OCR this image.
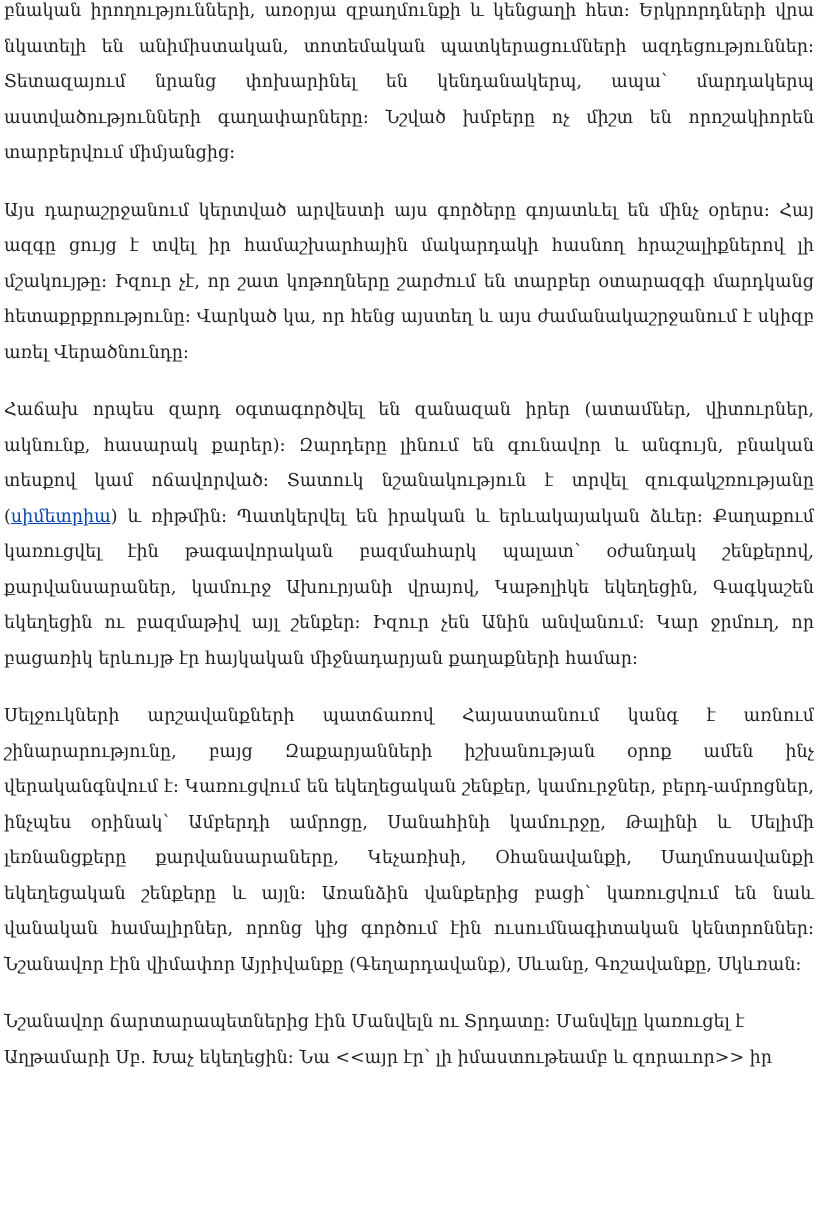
բնական իրողությունների, առօրյա զբաղմունքի և կենցաղի հետ։ Երկրորդների վրա նկատելի են անիմիստական, տոտեմական պատկերացումների ազդեցություններ։ Տետազայում նրանց փոխարինել են կենդանակերպ, ապա՝ մարդակերպ աստվածությունների գաղափարները։ Նշված խմբերը ոչ միշտ են որոշակիորեն տարբերվում միմյանցից։

Այս դարաշրջանում կերտված արվեստի այս գործերը գոյատևել են մինչ օրերս։ Հայ ազգը ցույց է տվել իր համաշխարհային մակարդակի հասնող հրաշալիքներով լի մշակույթը։ Իզուր չէ, որ շատ կոթողները շարժում են տարբեր օտարազգի մարդկանց հետաքրքրությունը։ Վարկած կա, որ հենց այստեղ և այս ժամանակաշրջանում է սկիզբ առել Վերածնունդը:

Հաճախ որպես զարդ օգտագործվել են զանազան իրեր (ատամներ, վիտուրներ, ակնունք, հասարակ քարեր)։ Զարդերը լինում են գունավոր և անգույն, բնական տեսքով կամ ոճավորված։ Տատուկ նշանակություն է տրվել զուգակշռությանը (սիմետրիա) և ռիթմին։ Պատկերվել են իրական և երևակայական ձևեր։ Քաղաքում կառուցվել էին թագավորական բազմահարկ պալատ՝ օժանդակ շենքերով, քարվանսարաներ, կամուրջ Ախուրյանի վրայով, Կաթոլիկե եկեղեցին, Գագկաշեն եկեղեցին ու բազմաթիվ այլ շենքեր։ Իզուր չեն Անին անվանում։ Կար ջրմուղ, որ բացառիկ երևույթ էր հայկական միջնադարյան քաղաքների համար:

Սելջուկների արշավանքների պատճառով Հայաստանում կանգ է առնում շինարարությունը, բայց Զաքարյանների իշխանության օրոք ամեն ինչ վերականգնվում է։ Կառուցվում են եկեղեցական շենքեր, կամուրջներ, բերդ-ամրոցներ, ինչպես օրինակ՝ Ամբերդի ամրոցը, Սանահինի կամուրջը, Թալինի և Սելիմի լեռնանցքերը քարվանսարաները, Կեչառիսի, Օհանավանքի, Սաղմոսավանքի եկեղեցական շենքերը և այլն։ Առանձին վանքերից բացի՝ կառուցվում են նաև վանական համալիրներ, որոնց կից գործում էին ուսումնագիտական կենտրոններ։ Նշանավոր էին վիմափոր Այրիվանքը (Գեղարդավանք), Սևանը, Գոշավանքը, Սկևռան:

Նշանավոր ճարտարապետներից էին Մանվելն ու Տրդատը։ Մանվելը կառուցել է Աղթամարի Սբ. Խաչ եկեղեցին։ Նա <<այր էր՝ լի իմաստութեամբ և զորաւոր>> իր
